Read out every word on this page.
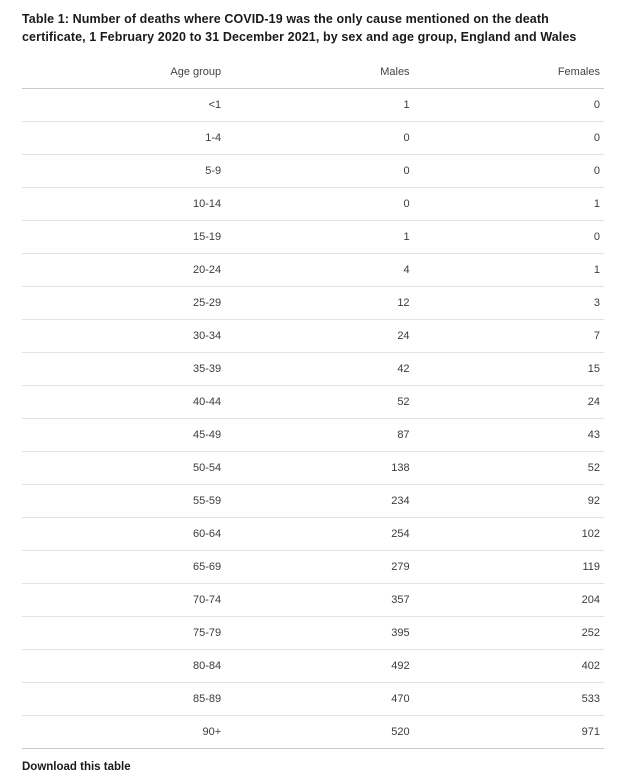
Table 1: Number of deaths where COVID-19 was the only cause mentioned on the death certificate, 1 February 2020 to 31 December 2021, by sex and age group, England and Wales
Age group	Males	Females
<1	1	0
1-4	0	0
5-9	0	0
10-14	0	1
15-19	1	0
20-24	4	1
25-29	12	3
30-34	24	7
35-39	42	15
40-44	52	24
45-49	87	43
50-54	138	52
55-59	234	92
60-64	254	102
65-69	279	119
70-74	357	204
75-79	395	252
80-84	492	402
85-89	470	533
90+	520	971
Download this table
